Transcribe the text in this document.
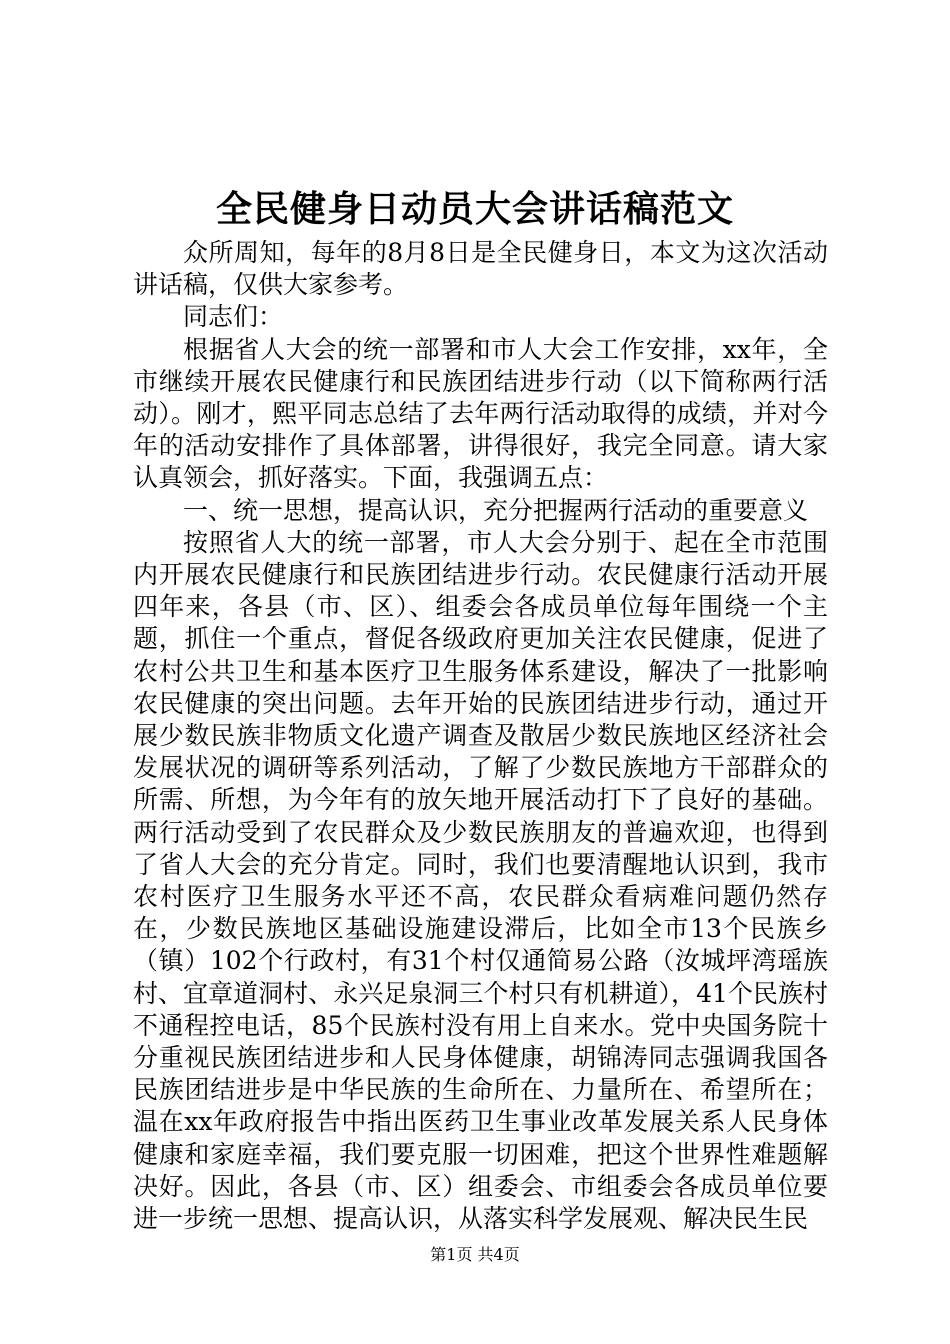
全民健身日动员大会讲话稿范文

众所周知，每年的8月8日是全民健身日，本文为这次活动讲话稿，仅供大家参考。

同志们：

根据省人大会的统一部署和市人大会工作安排，xx年，全市继续开展农民健康行和民族团结进步行动（以下简称两行活动）。刚才，熙平同志总结了去年两行活动取得的成绩，并对今年的活动安排作了具体部署，讲得很好，我完全同意。请大家认真领会，抓好落实。下面，我强调五点：

一、统一思想，提高认识，充分把握两行活动的重要意义

按照省人大的统一部署，市人大会分别于、起在全市范围内开展农民健康行和民族团结进步行动。农民健康行活动开展四年来，各县（市、区）、组委会各成员单位每年围绕一个主题，抓住一个重点，督促各级政府更加关注农民健康，促进了农村公共卫生和基本医疗卫生服务体系建设，解决了一批影响农民健康的突出问题。去年开始的民族团结进步行动，通过开展少数民族非物质文化遗产调查及散居少数民族地区经济社会发展状况的调研等系列活动，了解了少数民族地方干部群众的所需、所想，为今年有的放矢地开展活动打下了良好的基础。两行活动受到了农民群众及少数民族朋友的普遍欢迎，也得到了省人大会的充分肯定。同时，我们也要清醒地认识到，我市农村医疗卫生服务水平还不高，农民群众看病难问题仍然存在，少数民族地区基础设施建设滞后，比如全市13个民族乡（镇）102个行政村，有31个村仅通简易公路（汝城坪湾瑶族村、宜章道洞村、永兴足泉洞三个村只有机耕道），41个民族村不通程控电话，85个民族村没有用上自来水。党中央国务院十分重视民族团结进步和人民身体健康，胡锦涛同志强调我国各民族团结进步是中华民族的生命所在、力量所在、希望所在；温在xx年政府报告中指出医药卫生事业改革发展关系人民身体健康和家庭幸福，我们要克服一切困难，把这个世界性难题解决好。因此，各县（市、区）组委会、市组委会各成员单位要进一步统一思想、提高认识，从落实科学发展观、解决民生民

第1页 共4页
